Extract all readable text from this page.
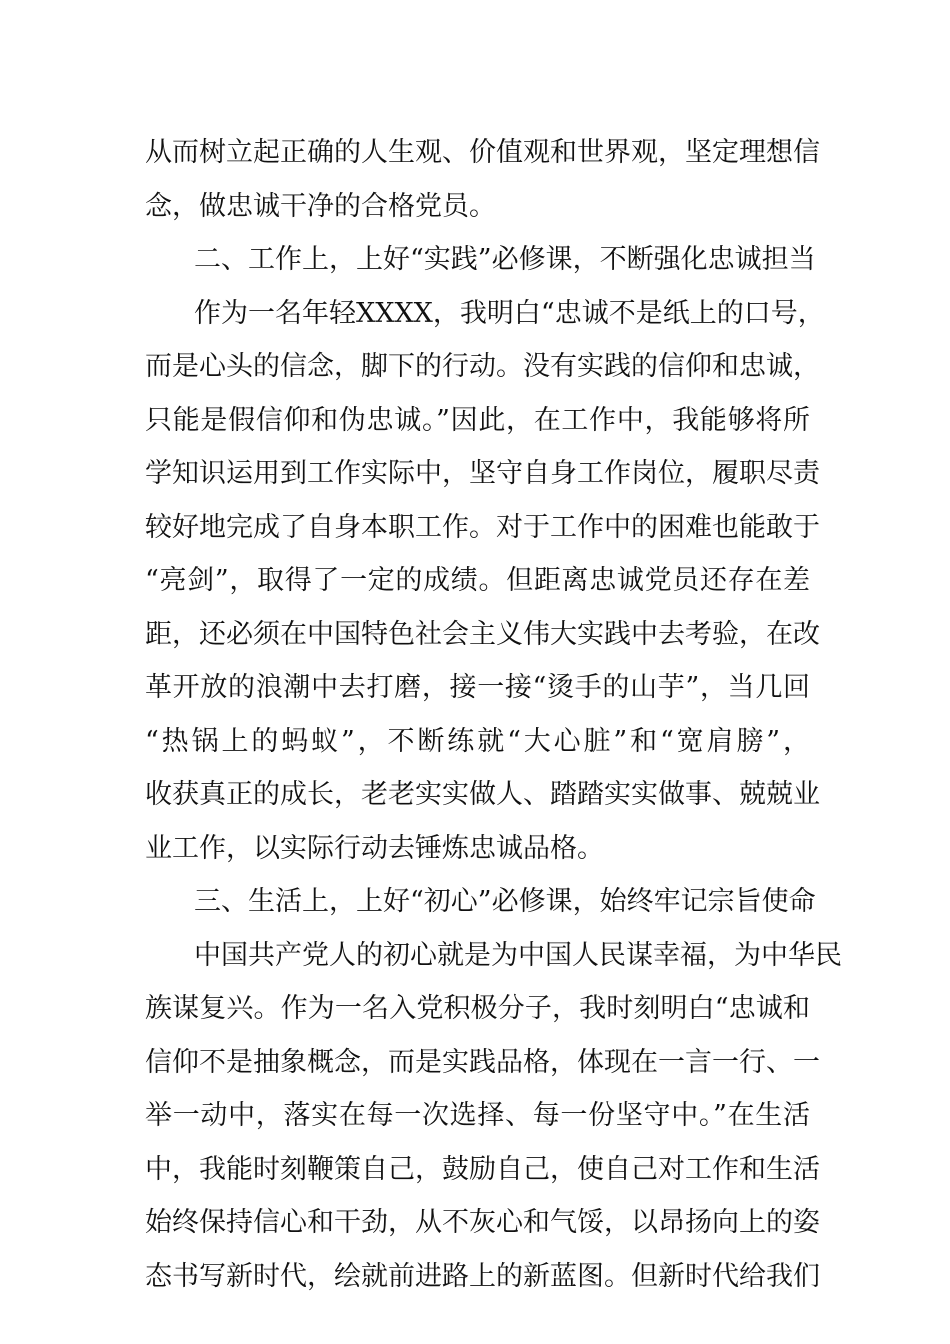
从而树立起正确的人生观、价值观和世界观，坚定理想信
念，做忠诚干净的合格党员。
二、工作上，上好“实践”必修课，不断强化忠诚担当
作为一名年轻XXXX，我明白“忠诚不是纸上的口号，
而是心头的信念，脚下的行动。没有实践的信仰和忠诚，
只能是假信仰和伪忠诚。”因此，在工作中，我能够将所
学知识运用到工作实际中，坚守自身工作岗位，履职尽责
较好地完成了自身本职工作。对于工作中的困难也能敢于
“亮剑”，取得了一定的成绩。但距离忠诚党员还存在差
距，还必须在中国特色社会主义伟大实践中去考验，在改
革开放的浪潮中去打磨，接一接“烫手的山芋”，当几回
“热锅上的蚂蚁”，不断练就“大心脏”和“宽肩膀”，
收获真正的成长，老老实实做人、踏踏实实做事、兢兢业
业工作，以实际行动去锤炼忠诚品格。
三、生活上，上好“初心”必修课，始终牢记宗旨使命
中国共产党人的初心就是为中国人民谋幸福，为中华民
族谋复兴。作为一名入党积极分子，我时刻明白“忠诚和
信仰不是抽象概念，而是实践品格，体现在一言一行、一
举一动中，落实在每一次选择、每一份坚守中。”在生活
中，我能时刻鞭策自己，鼓励自己，使自己对工作和生活
始终保持信心和干劲，从不灰心和气馁，以昂扬向上的姿
态书写新时代，绘就前进路上的新蓝图。但新时代给我们
